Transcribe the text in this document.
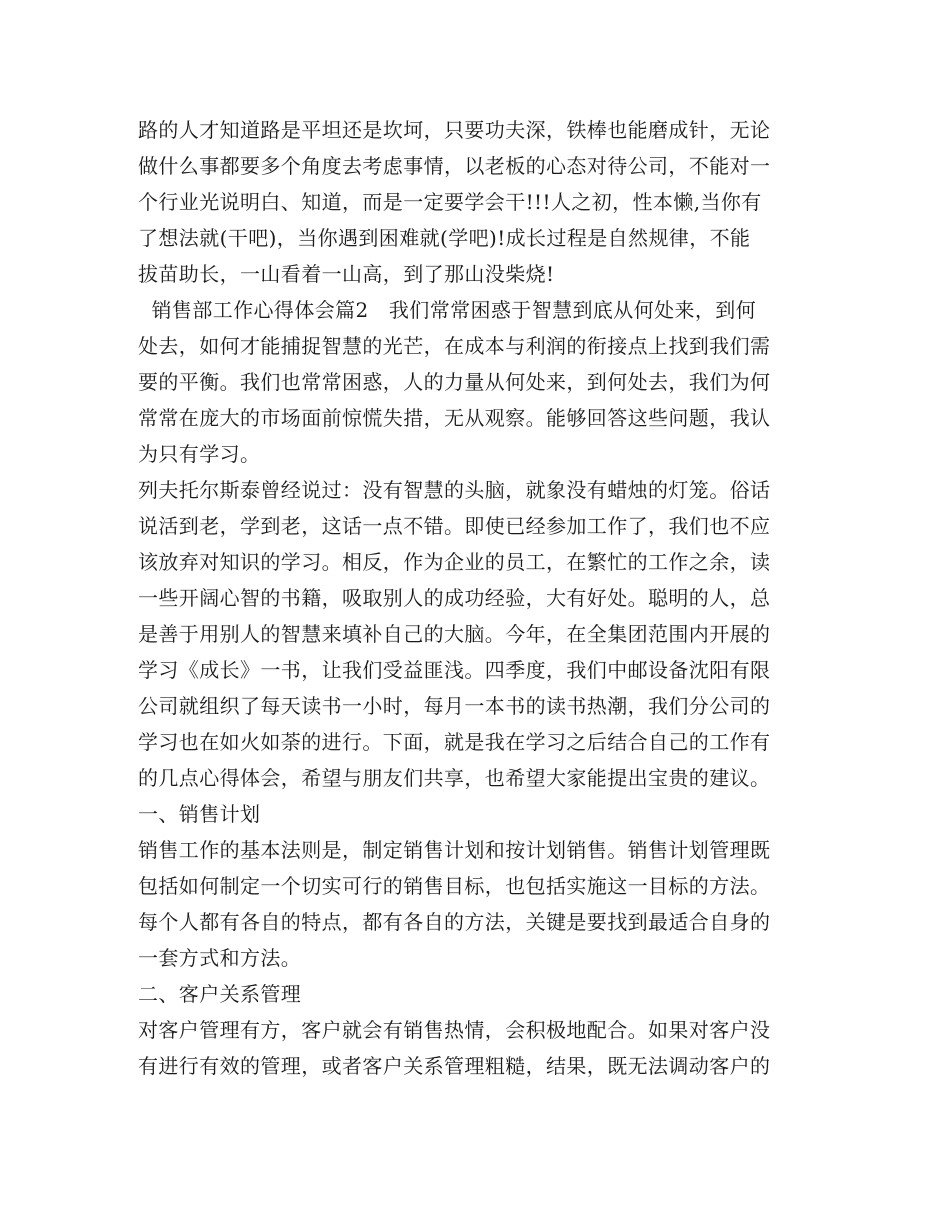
路的人才知道路是平坦还是坎坷，只要功夫深，铁棒也能磨成针，无论
做什么事都要多个角度去考虑事情，以老板的心态对待公司，不能对一
个行业光说明白、知道，而是一定要学会干!!!人之初，性本懒,当你有
了想法就(干吧)，当你遇到困难就(学吧)!成长过程是自然规律，不能
拔苗助长，一山看着一山高，到了那山没柴烧!
销售部工作心得体会篇2   我们常常困惑于智慧到底从何处来，到何
处去，如何才能捕捉智慧的光芒，在成本与利润的衔接点上找到我们需
要的平衡。我们也常常困惑，人的力量从何处来，到何处去，我们为何
常常在庞大的市场面前惊慌失措，无从观察。能够回答这些问题，我认
为只有学习。
列夫托尔斯泰曾经说过：没有智慧的头脑，就象没有蜡烛的灯笼。俗话
说活到老，学到老，这话一点不错。即使已经参加工作了，我们也不应
该放弃对知识的学习。相反，作为企业的员工，在繁忙的工作之余，读
一些开阔心智的书籍，吸取别人的成功经验，大有好处。聪明的人，总
是善于用别人的智慧来填补自己的大脑。今年，在全集团范围内开展的
学习《成长》一书，让我们受益匪浅。四季度，我们中邮设备沈阳有限
公司就组织了每天读书一小时，每月一本书的读书热潮，我们分公司的
学习也在如火如荼的进行。下面，就是我在学习之后结合自己的工作有
的几点心得体会，希望与朋友们共享，也希望大家能提出宝贵的建议。
一、销售计划
销售工作的基本法则是，制定销售计划和按计划销售。销售计划管理既
包括如何制定一个切实可行的销售目标，也包括实施这一目标的方法。
每个人都有各自的特点，都有各自的方法，关键是要找到最适合自身的
一套方式和方法。
二、客户关系管理
对客户管理有方，客户就会有销售热情，会积极地配合。如果对客户没
有进行有效的管理，或者客户关系管理粗糙，结果，既无法调动客户的
